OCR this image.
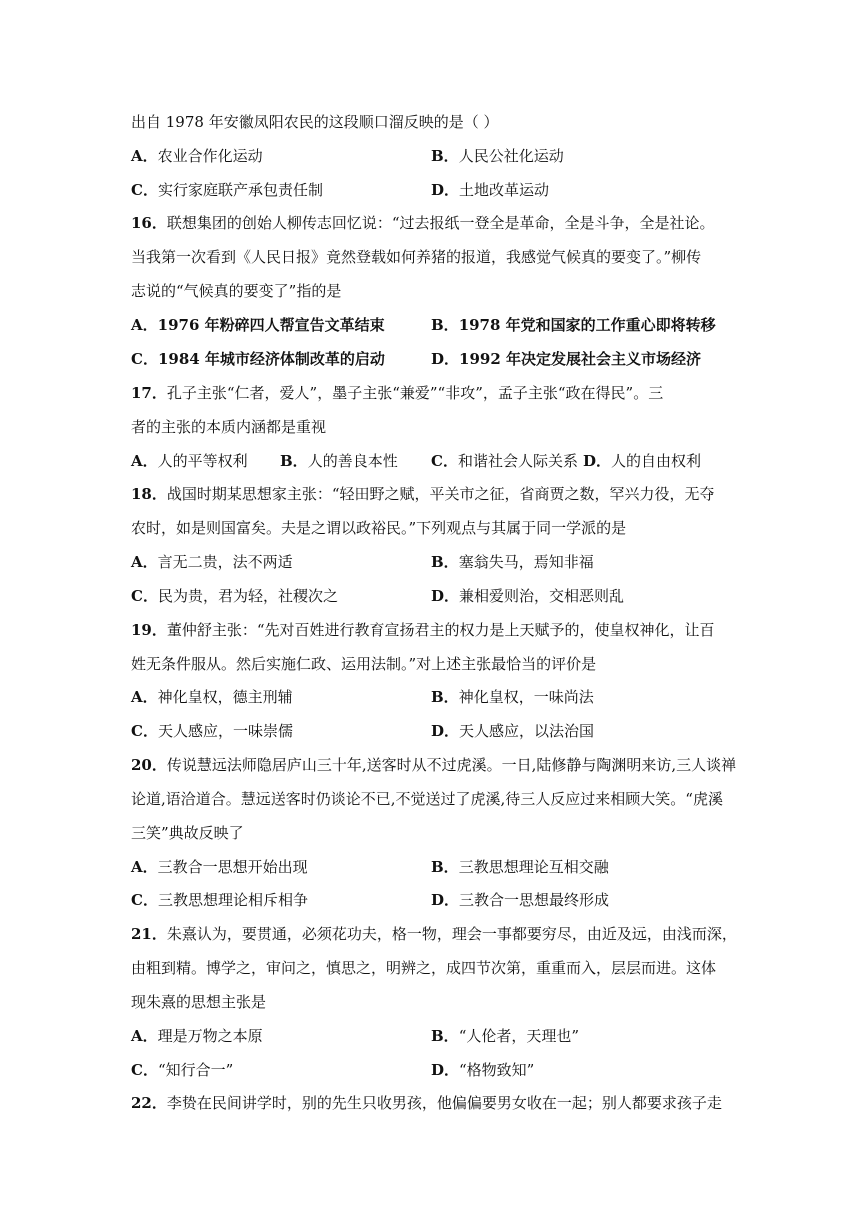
出自 1978 年安徽凤阳农民的这段顺口溜反映的是（ ）
A．农业合作化运动	B．人民公社化运动
C．实行家庭联产承包责任制	D．土地改革运动
16．联想集团的创始人柳传志回忆说：“过去报纸一登全是革命，全是斗争，全是社论。
当我第一次看到《人民日报》竟然登载如何养猪的报道，我感觉气候真的要变了。”柳传
志说的“气候真的要变了”指的是
A．1976 年粉碎四人帮宣告文革结束	B．1978 年党和国家的工作重心即将转移
C．1984 年城市经济体制改革的启动	D．1992 年决定发展社会主义市场经济
17．孔子主张“仁者，爱人”，墨子主张“兼爱”“非攻”，孟子主张“政在得民”。三
者的主张的本质内涵都是重视
A．人的平等权利 B．人的善良本性 C．和谐社会人际关系 D．人的自由权利
18．战国时期某思想家主张：“轻田野之赋，平关市之征，省商贾之数，罕兴力役，无夺
农时，如是则国富矣。夫是之谓以政裕民。”下列观点与其属于同一学派的是
A．言无二贵，法不两适	B．塞翁失马，焉知非福
C．民为贵，君为轻，社稷次之	D．兼相爱则治，交相恶则乱
19．董仲舒主张：“先对百姓进行教育宣扬君主的权力是上天赋予的，使皇权神化，让百
姓无条件服从。然后实施仁政、运用法制。”对上述主张最恰当的评价是
A．神化皇权，德主刑辅	B．神化皇权，一味尚法
C．天人感应，一味崇儒	D．天人感应，以法治国
20．传说慧远法师隐居庐山三十年,送客时从不过虎溪。一日,陆修静与陶渊明来访,三人谈禅
论道,语洽道合。慧远送客时仍谈论不已,不觉送过了虎溪,待三人反应过来相顾大笑。“虎溪
三笑”典故反映了
A．三教合一思想开始出现	B．三教思想理论互相交融
C．三教思想理论相斥相争	D．三教合一思想最终形成
21．朱熹认为，要贯通，必须花功夫，格一物，理会一事都要穷尽，由近及远，由浅而深，
由粗到精。博学之，审问之，慎思之，明辨之，成四节次第，重重而入，层层而进。这体
现朱熹的思想主张是
A．理是万物之本原	B．“人伦者，天理也”
C．“知行合一”	D．“格物致知”
22．李贽在民间讲学时，别的先生只收男孩，他偏偏要男女收在一起；别人都要求孩子走
